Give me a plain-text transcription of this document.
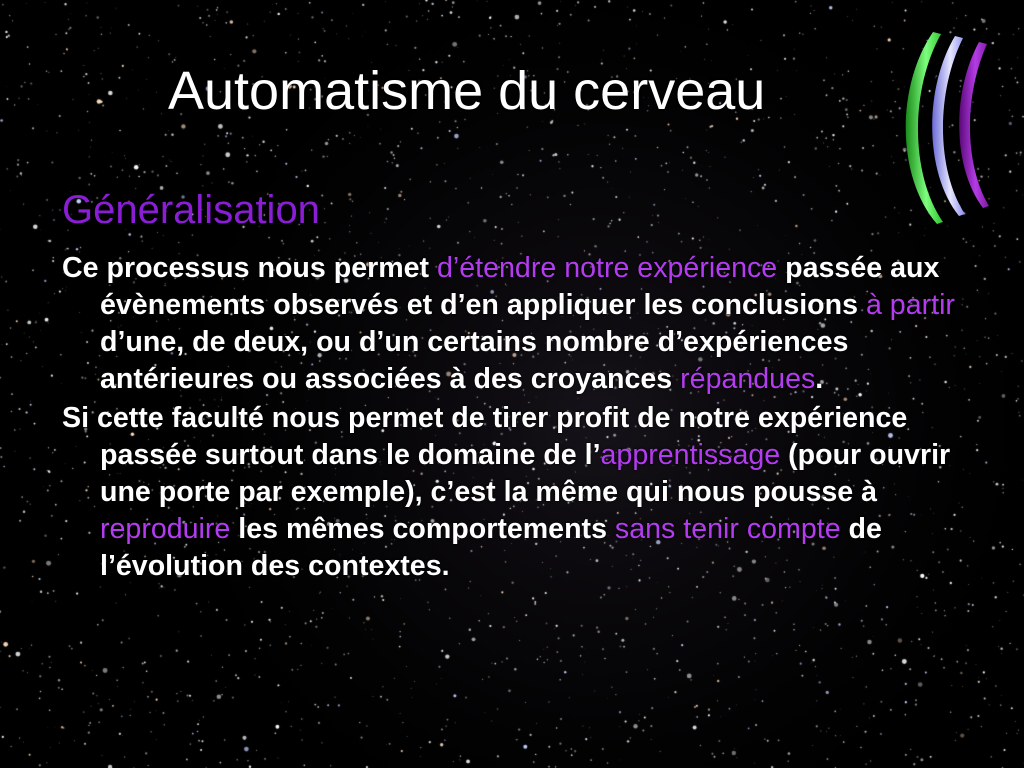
Automatisme du cerveau
Généralisation

Ce processus nous permet d’étendre notre expérience passée aux évènements observés et d’en appliquer les conclusions à partir d’une, de deux, ou d’un certains nombre d’expériences antérieures ou associées à des croyances répandues.

Si cette faculté nous permet de tirer profit de notre expérience passée surtout dans le domaine de l’apprentissage (pour ouvrir une porte par exemple), c’est la même qui nous pousse à reproduire les mêmes comportements sans tenir compte de l’évolution des contextes.
